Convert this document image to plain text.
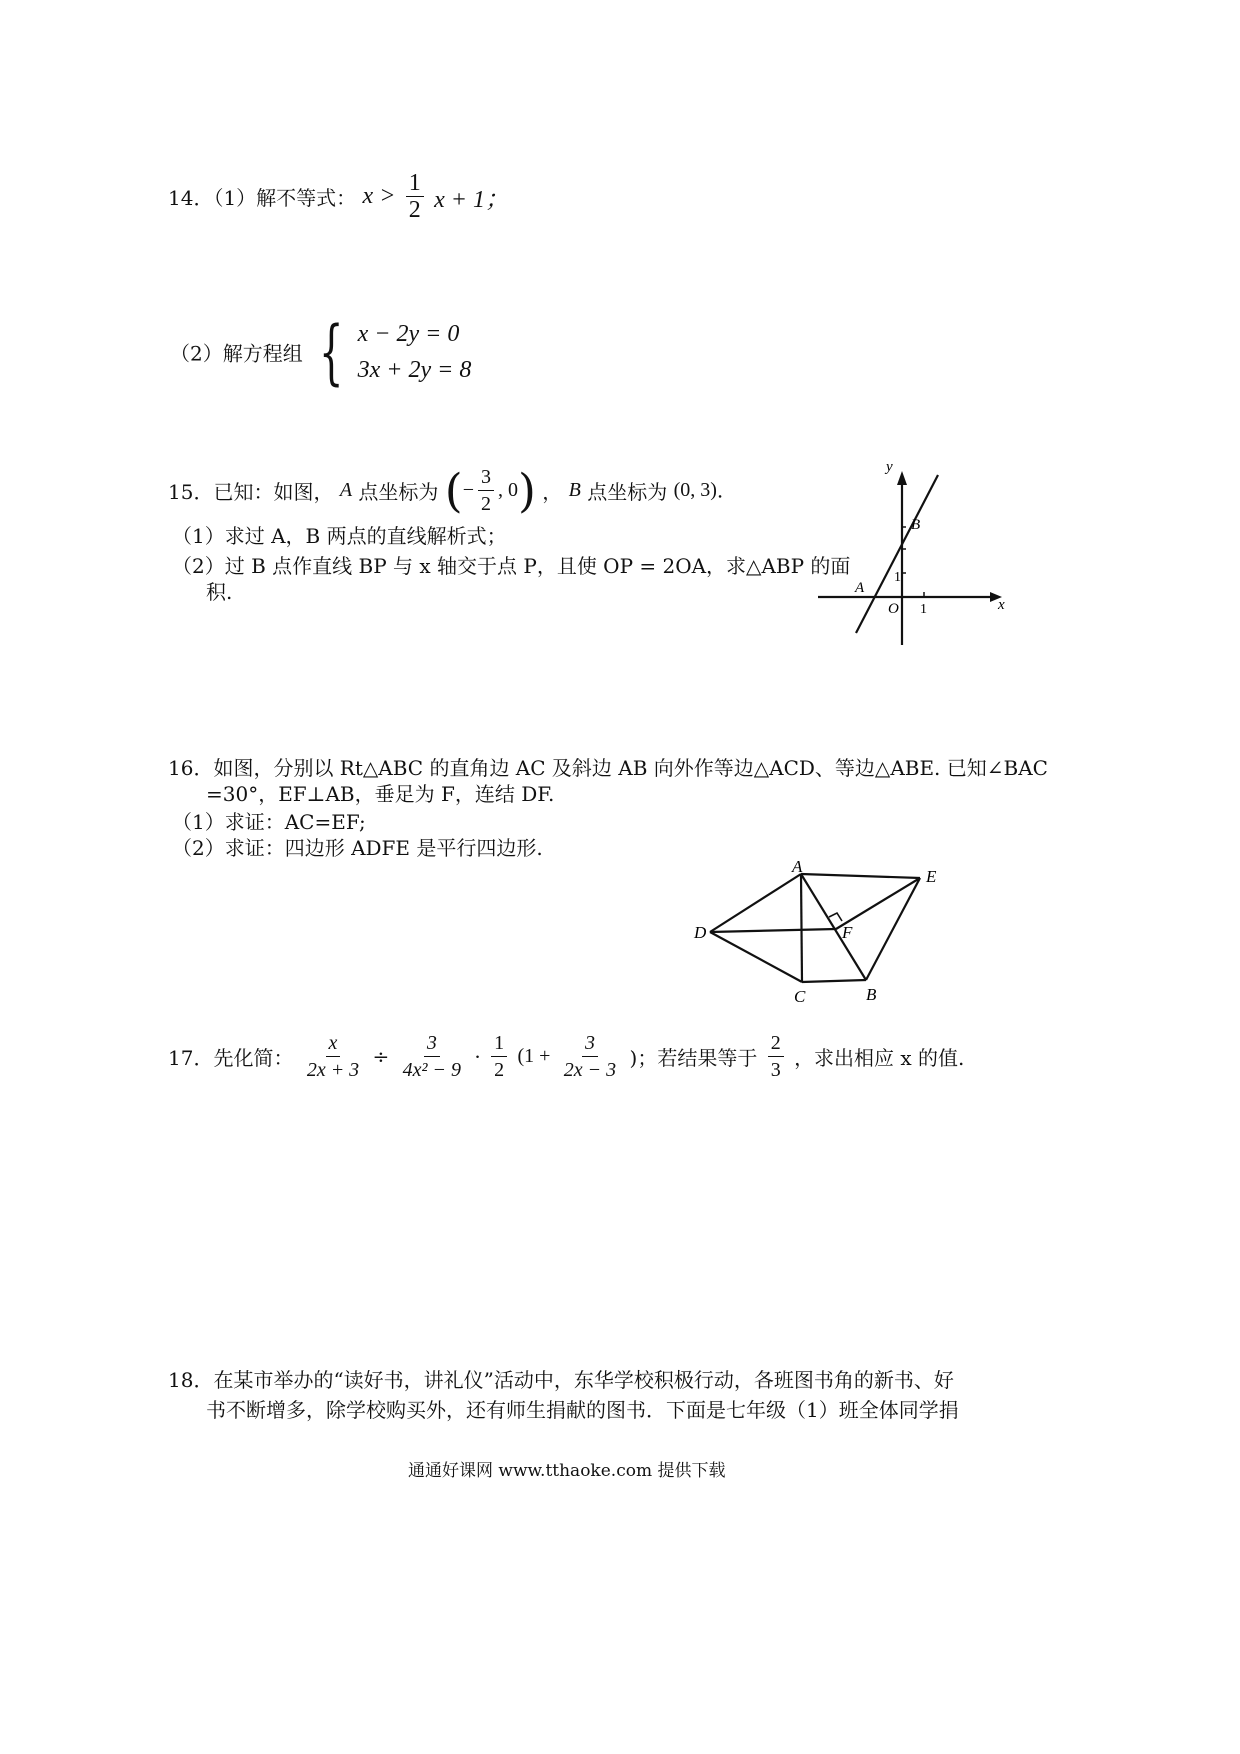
14．（1）解不等式： $x > \frac{1}{2}$ x + 1；
（2）解方程组 { x − 2y = 0
3x + 2y = 8
15．已知：如图， A 点坐标为 (− $\frac{3}{2}$ , 0) ， B 点坐标为 (0, 3).
（1）求过 A，B 两点的直线解析式；
（2）过 B 点作直线 BP 与 x 轴交于点 P，且使 OP = 2OA，求△ABP 的面
积.
y
B
1
A
O 1	x
16．如图，分别以 Rt△ABC 的直角边 AC 及斜边 AB 向外作等边△ACD、等边△ABE. 已知∠BAC
=30°，EF⊥AB，垂足为 F，连结 DF.
（1）求证：AC=EF;
（2）求证：四边形 ADFE 是平行四边形.
A
E
D	F
C	B
17．先化简： $\frac{x}{2x + 3} \div \frac{3}{\text{4x² − 9}} \cdot \frac{1}{2} (1 + \frac{3}{2x - 3}$ )；若结果等于 $\frac{2}{3}$ ，求出相应 x 的值.
18．在某市举办的“读好书，讲礼仪”活动中，东华学校积极行动，各班图书角的新书、好
书不断增多，除学校购买外，还有师生捐献的图书．下面是七年级（1）班全体同学捐
通通好课网 www.tthaoke.com 提供下载
